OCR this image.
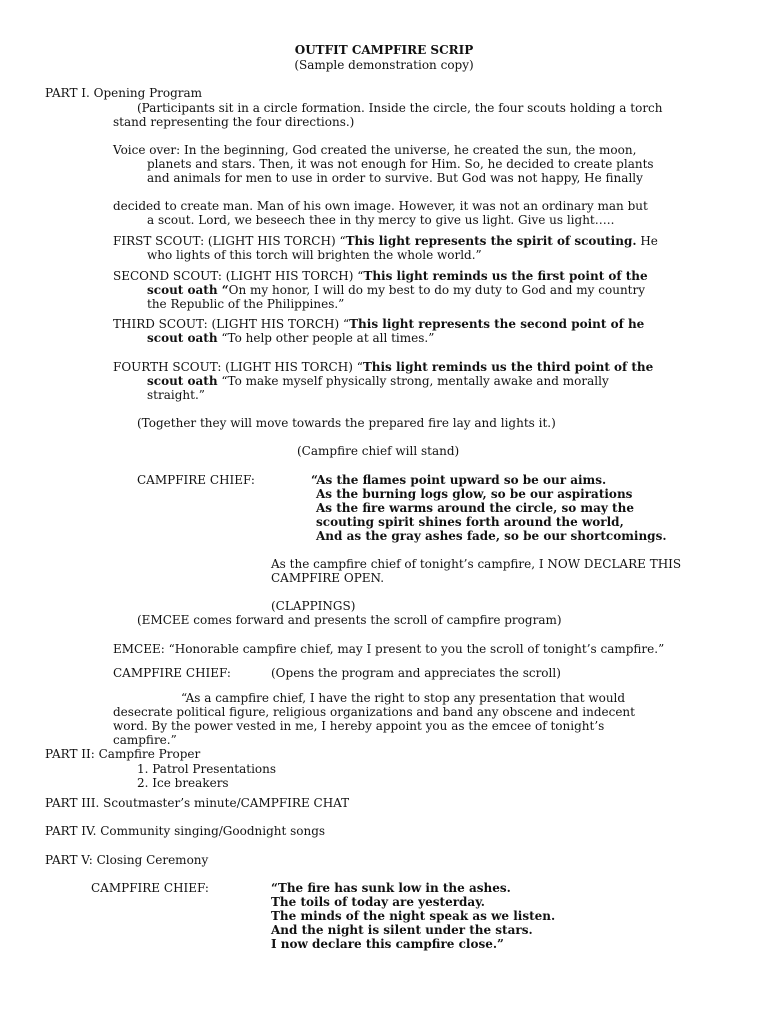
OUTFIT CAMPFIRE SCRIP
(Sample demonstration copy)
PART I. Opening Program
(Participants sit in a circle formation. Inside the circle, the four scouts holding a torch
stand representing the four directions.)
Voice over: In the beginning, God created the universe, he created the sun, the moon,
planets and stars. Then, it was not enough for Him. So, he decided to create plants
and animals for men to use in order to survive. But God was not happy, He finally
decided to create man. Man of his own image. However, it was not an ordinary man but
a scout. Lord, we beseech thee in thy mercy to give us light. Give us light…..
FIRST SCOUT: (LIGHT HIS TORCH) “This light represents the spirit of scouting. He
who lights of this torch will brighten the whole world.”
SECOND SCOUT: (LIGHT HIS TORCH) “This light reminds us the first point of the
scout oath “On my honor, I will do my best to do my duty to God and my country
the Republic of the Philippines.”
THIRD SCOUT: (LIGHT HIS TORCH) “This light represents the second point of he
scout oath “To help other people at all times.”
FOURTH SCOUT: (LIGHT HIS TORCH) “This light reminds us the third point of the
scout oath “To make myself physically strong, mentally awake and morally
straight.”
(Together they will move towards the prepared fire lay and lights it.)
(Campfire chief will stand)
CAMPFIRE CHIEF:	“As the flames point upward so be our aims.
As the burning logs glow, so be our aspirations
As the fire warms around the circle, so may the
scouting spirit shines forth around the world,
And as the gray ashes fade, so be our shortcomings.
As the campfire chief of tonight’s campfire, I NOW DECLARE THIS
CAMPFIRE OPEN.
(CLAPPINGS)
(EMCEE comes forward and presents the scroll of campfire program)
EMCEE: “Honorable campfire chief, may I present to you the scroll of tonight’s campfire.”
CAMPFIRE CHIEF:	(Opens the program and appreciates the scroll)
“As a campfire chief, I have the right to stop any presentation that would
desecrate political figure, religious organizations and band any obscene and indecent
word. By the power vested in me, I hereby appoint you as the emcee of tonight’s
campfire.”
PART II: Campfire Proper
1. Patrol Presentations
2. Ice breakers
PART III. Scoutmaster’s minute/CAMPFIRE CHAT
PART IV. Community singing/Goodnight songs
PART V: Closing Ceremony
CAMPFIRE CHIEF:	“The fire has sunk low in the ashes.
The toils of today are yesterday.
The minds of the night speak as we listen.
And the night is silent under the stars.
I now declare this campfire close.”
